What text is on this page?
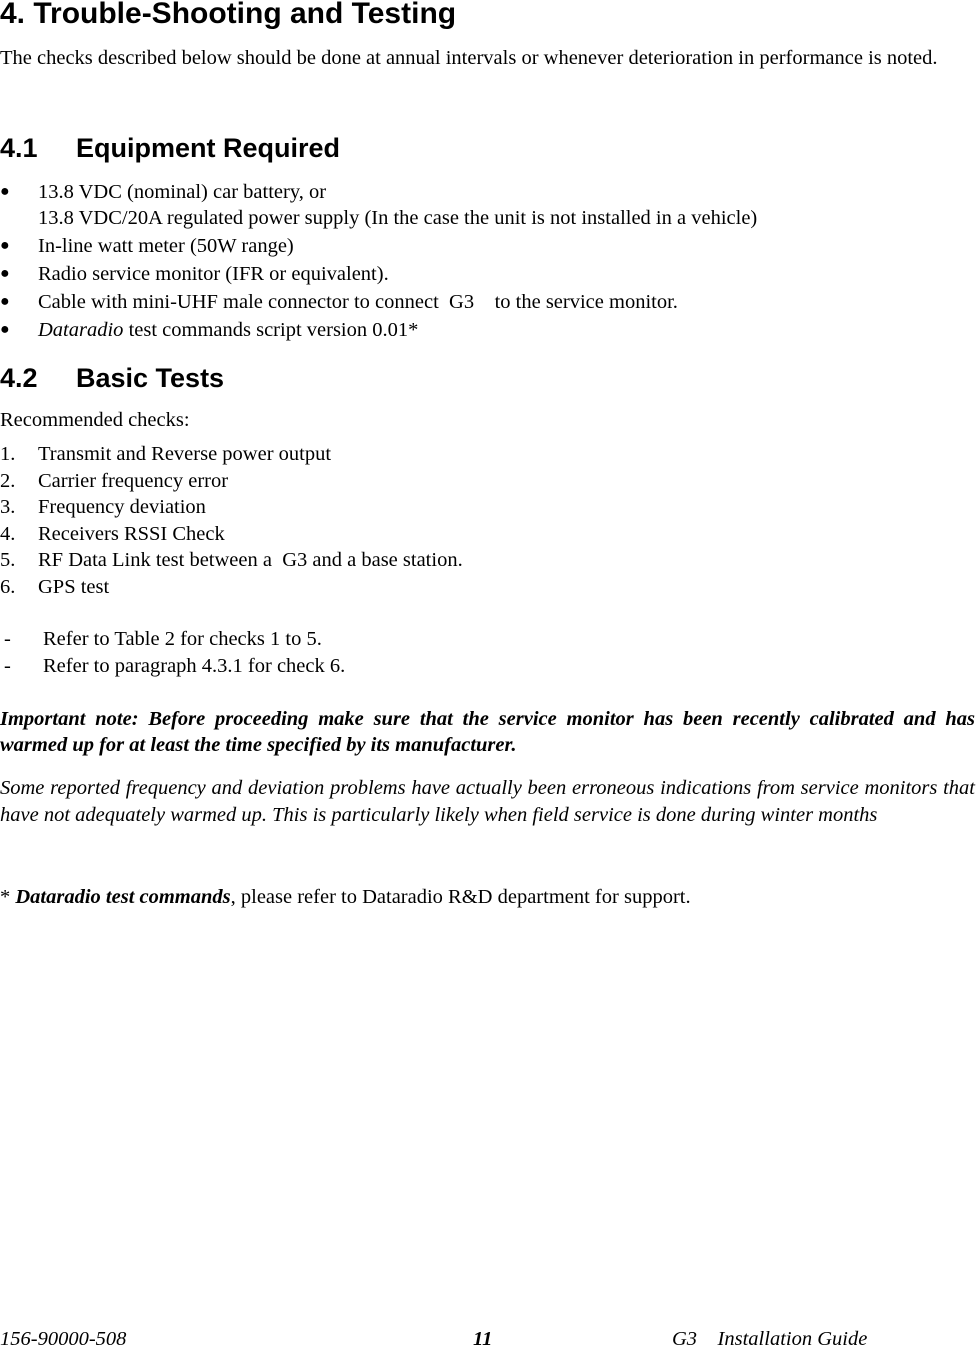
4. Trouble-Shooting and Testing

The checks described below should be done at annual intervals or whenever deterioration in performance is noted.

4.1 Equipment Required
● 13.8 VDC (nominal) car battery, or
13.8 VDC/20A regulated power supply (In the case the unit is not installed in a vehicle)
● In-line watt meter (50W range)
● Radio service monitor (IFR or equivalent).
● Cable with mini-UHF male connector to connect  G3    to the service monitor.
● Dataradio test commands script version 0.01*
4.2 Basic Tests

Recommended checks:

1. Transmit and Reverse power output
2. Carrier frequency error
3. Frequency deviation
4. Receivers RSSI Check
5. RF Data Link test between a  G3 and a base station.
6. GPS test
- Refer to Table 2 for checks 1 to 5.
- Refer to paragraph 4.3.1 for check 6.

Important note: Before proceeding make sure that the service monitor has been recently calibrated and has warmed up for at least the time specified by its manufacturer.

Some reported frequency and deviation problems have actually been erroneous indications from service monitors that have not adequately warmed up. This is particularly likely when field service is done during winter months

* Dataradio test commands, please refer to Dataradio R&D department for support.

156-90000-508	11	G3    Installation Guide
